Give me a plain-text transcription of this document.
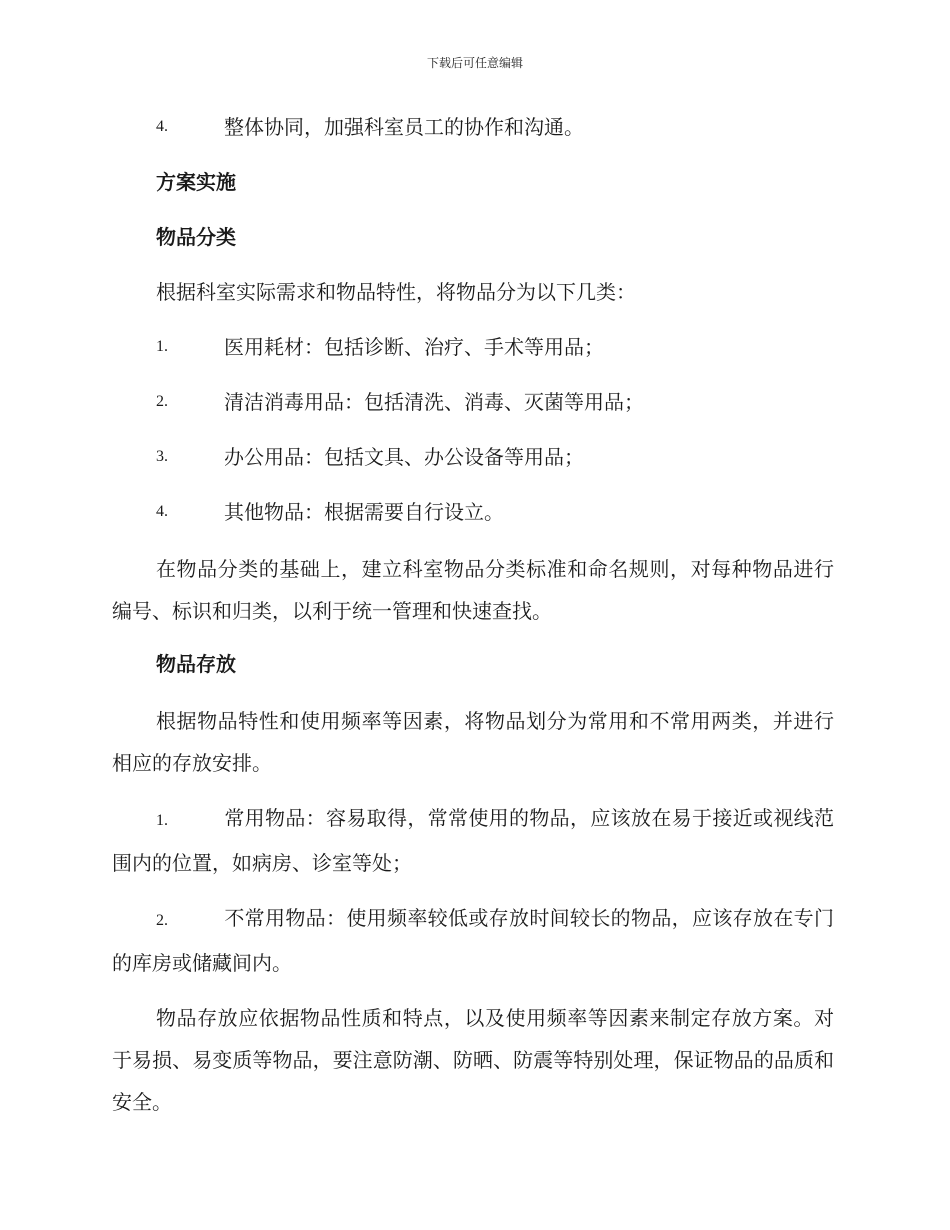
下载后可任意编辑
4.	整体协同，加强科室员工的协作和沟通。
方案实施
物品分类
根据科室实际需求和物品特性，将物品分为以下几类：
1.	医用耗材：包括诊断、治疗、手术等用品；
2.	清洁消毒用品：包括清洗、消毒、灭菌等用品；
3.	办公用品：包括文具、办公设备等用品；
4.	其他物品：根据需要自行设立。
在物品分类的基础上，建立科室物品分类标准和命名规则，对每种物品进行编号、标识和归类，以利于统一管理和快速查找。
物品存放
根据物品特性和使用频率等因素，将物品划分为常用和不常用两类，并进行相应的存放安排。
1.	常用物品：容易取得，常常使用的物品，应该放在易于接近或视线范围内的位置，如病房、诊室等处；
2.	不常用物品：使用频率较低或存放时间较长的物品，应该存放在专门的库房或储藏间内。
物品存放应依据物品性质和特点，以及使用频率等因素来制定存放方案。对于易损、易变质等物品，要注意防潮、防晒、防震等特别处理，保证物品的品质和安全。
